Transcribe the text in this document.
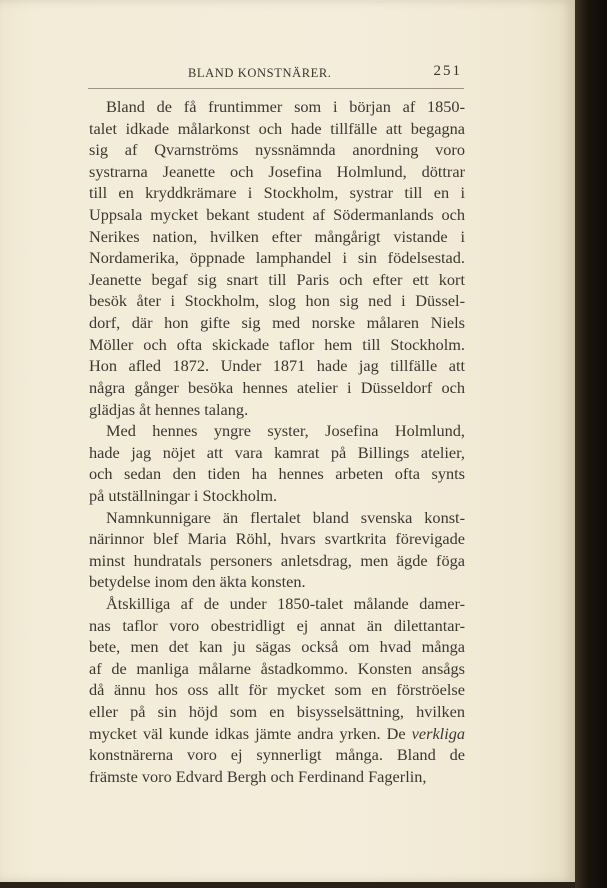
BLAND KONSTNÄRER.	251
Bland de få fruntimmer som i början af 1850-
talet idkade målarkonst och hade tillfälle att begagna
sig af Qvarnströms nyssnämnda anordning voro
systrarna Jeanette och Josefina Holmlund, döttrar
till en kryddkrämare i Stockholm, systrar till en i
Uppsala mycket bekant student af Södermanlands och
Nerikes nation, hvilken efter mångårigt vistande i
Nordamerika, öppnade lamphandel i sin födelsestad.
Jeanette begaf sig snart till Paris och efter ett kort
besök åter i Stockholm, slog hon sig ned i Düssel-
dorf, där hon gifte sig med norske målaren Niels
Möller och ofta skickade taflor hem till Stockholm.
Hon afled 1872. Under 1871 hade jag tillfälle att
några gånger besöka hennes atelier i Düsseldorf och
glädjas åt hennes talang.
Med hennes yngre syster, Josefina Holmlund,
hade jag nöjet att vara kamrat på Billings atelier,
och sedan den tiden ha hennes arbeten ofta synts
på utställningar i Stockholm.
Namnkunnigare än flertalet bland svenska konst-
närinnor blef Maria Röhl, hvars svartkrita förevigade
minst hundratals personers anletsdrag, men ägde föga
betydelse inom den äkta konsten.
Åtskilliga af de under 1850-talet målande damer-
nas taflor voro obestridligt ej annat än dilettantar-
bete, men det kan ju sägas också om hvad många
af de manliga målarne åstadkommo. Konsten ansågs
då ännu hos oss allt för mycket som en förströelse
eller på sin höjd som en bisysselsättning, hvilken
mycket väl kunde idkas jämte andra yrken. De verkliga
konstnärerna voro ej synnerligt många. Bland de
främste voro Edvard Bergh och Ferdinand Fagerlin,
